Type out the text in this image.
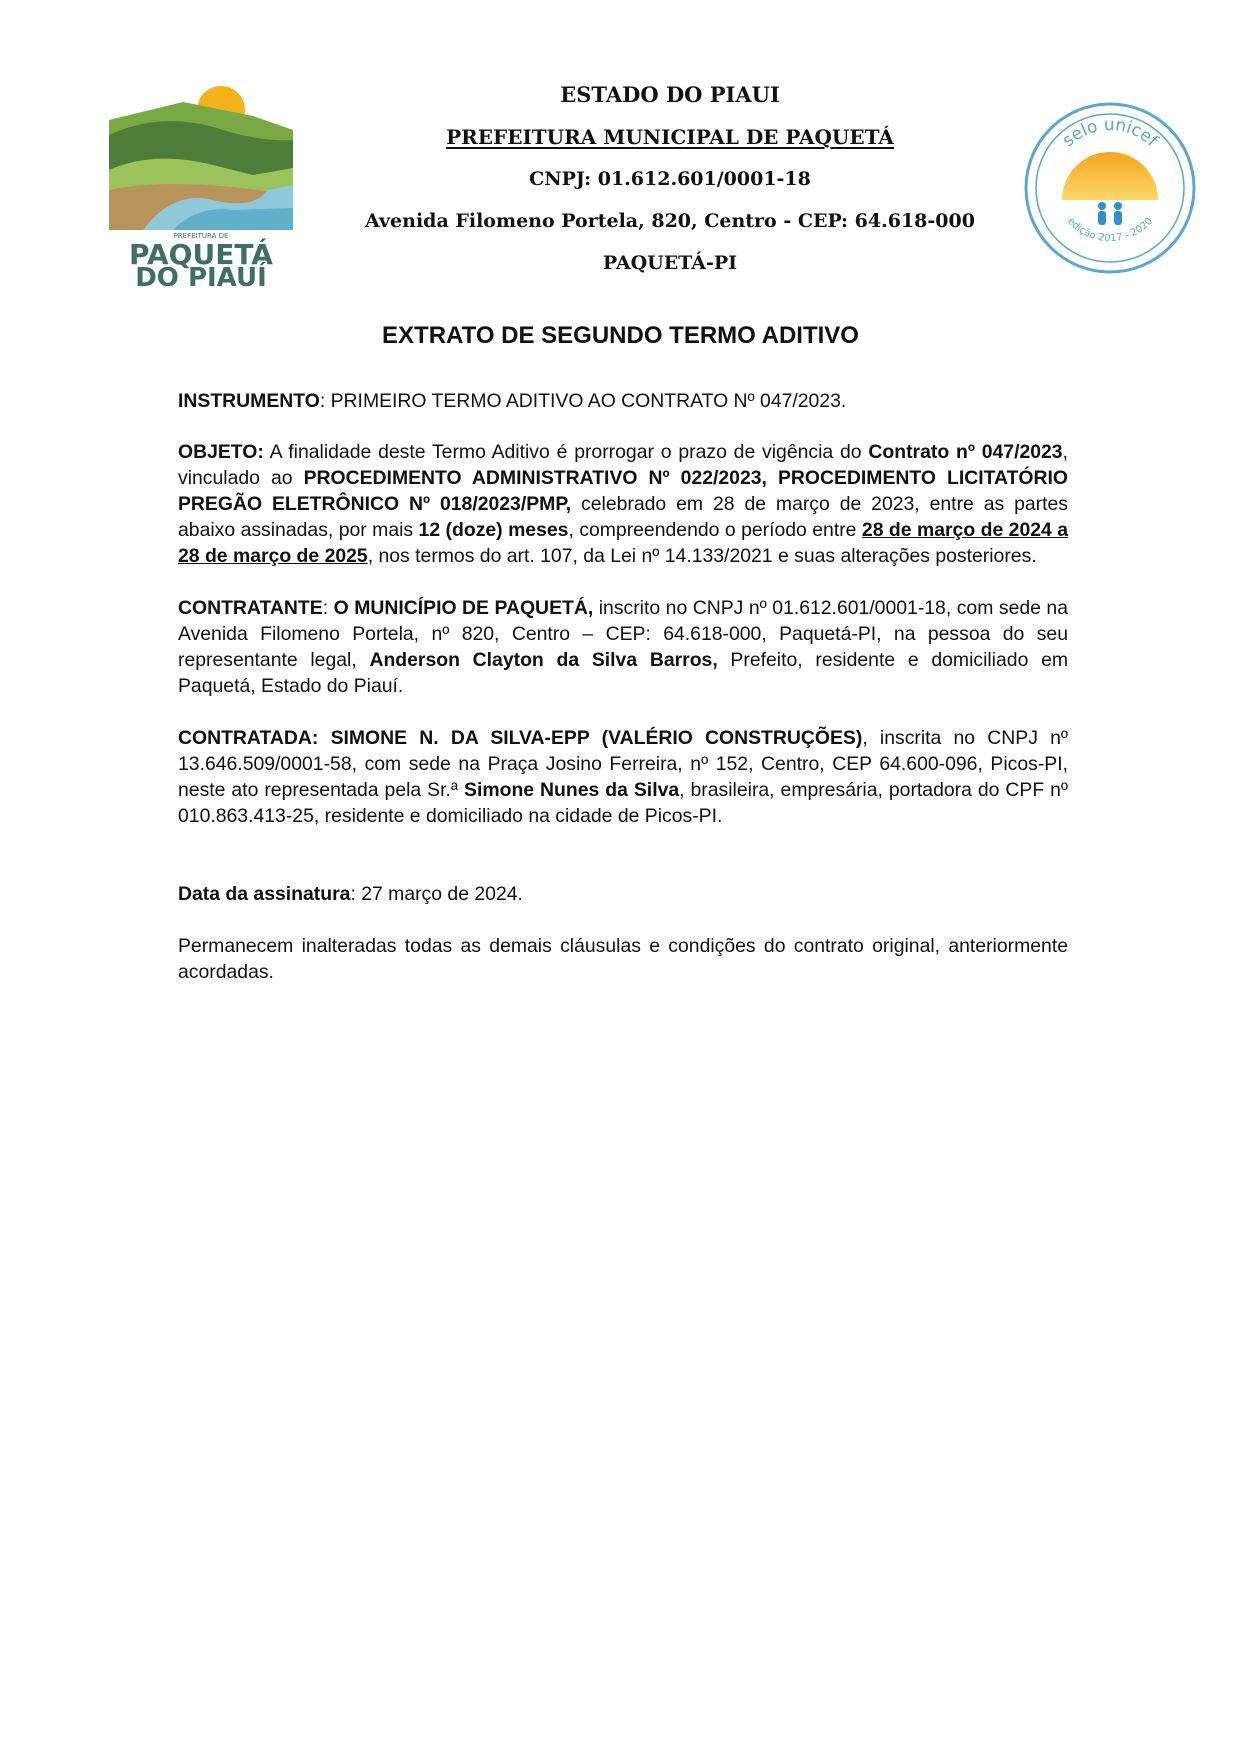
PREFEITURA DE
PAQUETÁ
DO PIAUÍ
selo unicef
edição 2017 - 2020
ESTADO DO PIAUI
PREFEITURA MUNICIPAL DE PAQUETÁ
CNPJ: 01.612.601/0001-18
Avenida Filomeno Portela, 820, Centro - CEP: 64.618-000
PAQUETÁ-PI
EXTRATO DE SEGUNDO TERMO ADITIVO

INSTRUMENTO: PRIMEIRO TERMO ADITIVO AO CONTRATO Nº 047/2023.

OBJETO: A finalidade deste Termo Aditivo é prorrogar o prazo de vigência do Contrato nº 047/2023, vinculado ao PROCEDIMENTO ADMINISTRATIVO Nº 022/2023, PROCEDIMENTO LICITATÓRIO PREGÃO ELETRÔNICO Nº 018/2023/PMP, celebrado em 28 de março de 2023, entre as partes abaixo assinadas, por mais 12 (doze) meses, compreendendo o período entre 28 de março de 2024 a 28 de março de 2025, nos termos do art. 107, da Lei nº 14.133/2021 e suas alterações posteriores.

CONTRATANTE: O MUNICÍPIO DE PAQUETÁ, inscrito no CNPJ nº 01.612.601/0001-18, com sede na Avenida Filomeno Portela, nº 820, Centro – CEP: 64.618-000, Paquetá-PI, na pessoa do seu representante legal, Anderson Clayton da Silva Barros, Prefeito, residente e domiciliado em Paquetá, Estado do Piauí.

CONTRATADA: SIMONE N. DA SILVA-EPP (VALÉRIO CONSTRUÇÕES), inscrita no CNPJ nº 13.646.509/0001-58, com sede na Praça Josino Ferreira, nº 152, Centro, CEP 64.600-096, Picos-PI, neste ato representada pela Sr.ª Simone Nunes da Silva, brasileira, empresária, portadora do CPF nº 010.863.413-25, residente e domiciliado na cidade de Picos-PI.

Data da assinatura: 27 março de 2024.

Permanecem inalteradas todas as demais cláusulas e condições do contrato original, anteriormente acordadas.
